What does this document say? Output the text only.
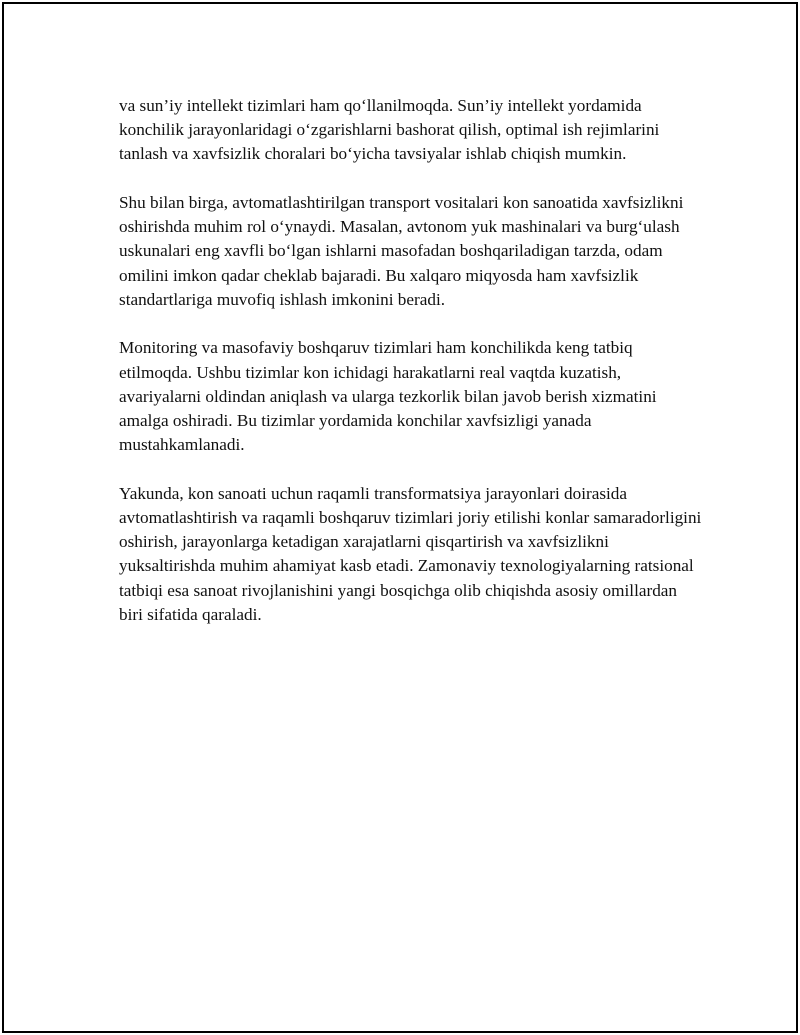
va sun’iy intellekt tizimlari ham qo‘llanilmoqda. Sun’iy intellekt yordamida konchilik jarayonlaridagi o‘zgarishlarni bashorat qilish, optimal ish rejimlarini tanlash va xavfsizlik choralari bo‘yicha tavsiyalar ishlab chiqish mumkin.

Shu bilan birga, avtomatlashtirilgan transport vositalari kon sanoatida xavfsizlikni oshirishda muhim rol o‘ynaydi. Masalan, avtonom yuk mashinalari va burg‘ulash uskunalari eng xavfli bo‘lgan ishlarni masofadan boshqariladigan tarzda, odam omilini imkon qadar cheklab bajaradi. Bu xalqaro miqyosda ham xavfsizlik standartlariga muvofiq ishlash imkonini beradi.

Monitoring va masofaviy boshqaruv tizimlari ham konchilikda keng tatbiq etilmoqda. Ushbu tizimlar kon ichidagi harakatlarni real vaqtda kuzatish, avariyalarni oldindan aniqlash va ularga tezkorlik bilan javob berish xizmatini amalga oshiradi. Bu tizimlar yordamida konchilar xavfsizligi yanada mustahkamlanadi.

Yakunda, kon sanoati uchun raqamli transformatsiya jarayonlari doirasida avtomatlashtirish va raqamli boshqaruv tizimlari joriy etilishi konlar samaradorligini oshirish, jarayonlarga ketadigan xarajatlarni qisqartirish va xavfsizlikni yuksaltirishda muhim ahamiyat kasb etadi. Zamonaviy texnologiyalarning ratsional tatbiqi esa sanoat rivojlanishini yangi bosqichga olib chiqishda asosiy omillardan biri sifatida qaraladi.
